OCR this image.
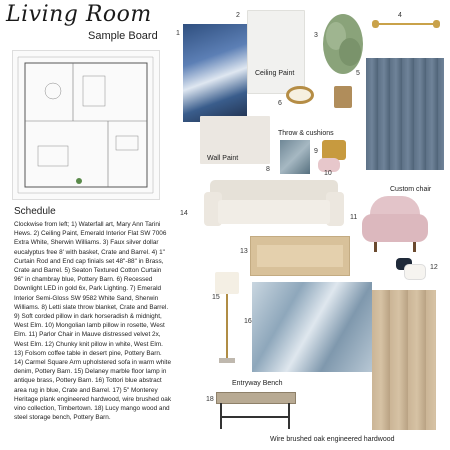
Living Room
Sample Board
Schedule
Clockwise from left; 1) Waterfall art, Mary Ann Tarini Hews. 2) Ceiling Paint, Emerald Interior Flat SW 7006 Extra White, Sherwin Williams. 3) Faux silver dollar eucalyptus free 8' with basket, Crate and Barrel. 4) 1" Curtain Rod and End cap finials set 48"-88" in Brass, Crate and Barrel. 5) Seaton Textured Cotton Curtain 96" in chambray blue, Pottery Barn. 6) Recessed Downlight LED in gold 6x, Park Lighting. 7) Emerald Interior Semi-Gloss SW 9582 White Sand, Sherwin Williams. 8) Letti slate throw blanket, Crate and Barrel. 9) Soft corded pillow in dark horseradish & midnight, West Elm. 10) Mongolian lamb pillow in rosette, West Elm. 11) Parlor Chair in Mauve distressed velvet 2x, West Elm. 12) Chunky knit pillow in white, West Elm. 13) Folsom coffee table in desert pine, Pottery Barn. 14) Carmel Square Arm upholstered sofa in warm white denim, Pottery Barn. 15) Delaney marble floor lamp in antique brass, Pottery Barn. 16) Tottori blue abstract area rug in blue, Crate and Barrel. 17) 5" Monterey Heritage plank engineered hardwood, wire brushed oak vino collection, Timbertown. 18) Lucy mango wood and steel storage bench, Pottery Barn.
1
2
Ceiling Paint
3
4
5
6
Wall Paint
Throw & cushions
8
9
10
14
Custom chair
11
12
13
15
16
Entryway Bench
18
Wire brushed oak engineered hardwood
